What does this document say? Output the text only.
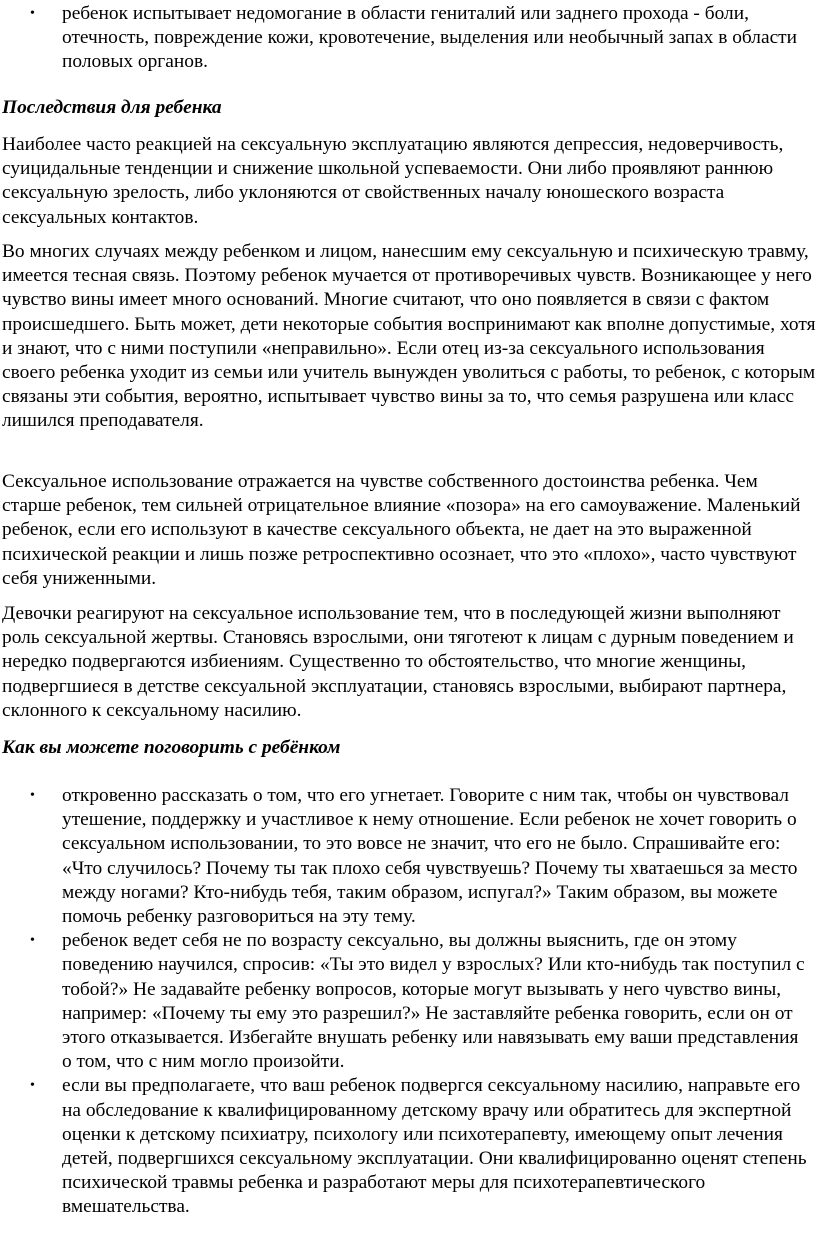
• ребенок испытывает недомогание в области гениталий или заднего прохода - боли, отечность, повреждение кожи, кровотечение, выделения или необычный запах в области половых органов.

Последствия для ребенка

Наиболее часто реакцией на сексуальную эксплуатацию являются депрессия, недоверчивость, суицидальные тенденции и снижение школьной успеваемости. Они либо проявляют раннюю сексуальную зрелость, либо уклоняются от свойственных началу юношеского возраста сексуальных контактов.

Во многих случаях между ребенком и лицом, нанесшим ему сексуальную и психическую травму, имеется тесная связь. Поэтому ребенок мучается от противоречивых чувств. Возникающее у него чувство вины имеет много оснований. Многие считают, что оно появляется в связи с фактом происшедшего. Быть может, дети некоторые события воспринимают как вполне допустимые, хотя и знают, что с ними поступили «неправильно». Если отец из-за сексуального использования своего ребенка уходит из семьи или учитель вынужден уволиться с работы, то ребенок, с которым связаны эти события, вероятно, испытывает чувство вины за то, что семья разрушена или класс лишился преподавателя.

Сексуальное использование отражается на чувстве собственного достоинства ребенка. Чем старше ребенок, тем сильней отрицательное влияние «позора» на его самоуважение. Маленький ребенок, если его используют в качестве сексуального объекта, не дает на это выраженной психической реакции и лишь позже ретроспективно осознает, что это «плохо», часто чувствуют себя униженными.

Девочки реагируют на сексуальное использование тем, что в последующей жизни выполняют роль сексуальной жертвы. Становясь взрослыми, они тяготеют к лицам с дурным поведением и нередко подвергаются избиениям. Существенно то обстоятельство, что многие женщины, подвергшиеся в детстве сексуальной эксплуатации, становясь взрослыми, выбирают партнера, склонного к сексуальному насилию.

Как вы можете поговорить с ребёнком

• откровенно рассказать о том, что его угнетает. Говорите с ним так, чтобы он чувствовал утешение, поддержку и участливое к нему отношение. Если ребенок не хочет говорить о сексуальном использовании, то это вовсе не значит, что его не было. Спрашивайте его: «Что случилось? Почему ты так плохо себя чувствуешь? Почему ты хватаешься за место между ногами? Кто-нибудь тебя, таким образом, испугал?» Таким образом, вы можете помочь ребенку разговориться на эту тему.
• ребенок ведет себя не по возрасту сексуально, вы должны выяснить, где он этому поведению научился, спросив: «Ты это видел у взрослых? Или кто-нибудь так поступил с тобой?» Не задавайте ребенку вопросов, которые могут вызывать у него чувство вины, например: «Почему ты ему это разрешил?» Не заставляйте ребенка говорить, если он от этого отказывается. Избегайте внушать ребенку или навязывать ему ваши представления о том, что с ним могло произойти.
• если вы предполагаете, что ваш ребенок подвергся сексуальному насилию, направьте его на обследование к квалифицированному детскому врачу или обратитесь для экспертной оценки к детскому психиатру, психологу или психотерапевту, имеющему опыт лечения детей, подвергшихся сексуальному эксплуатации. Они квалифицированно оценят степень психической травмы ребенка и разработают меры для психотерапевтического вмешательства.
